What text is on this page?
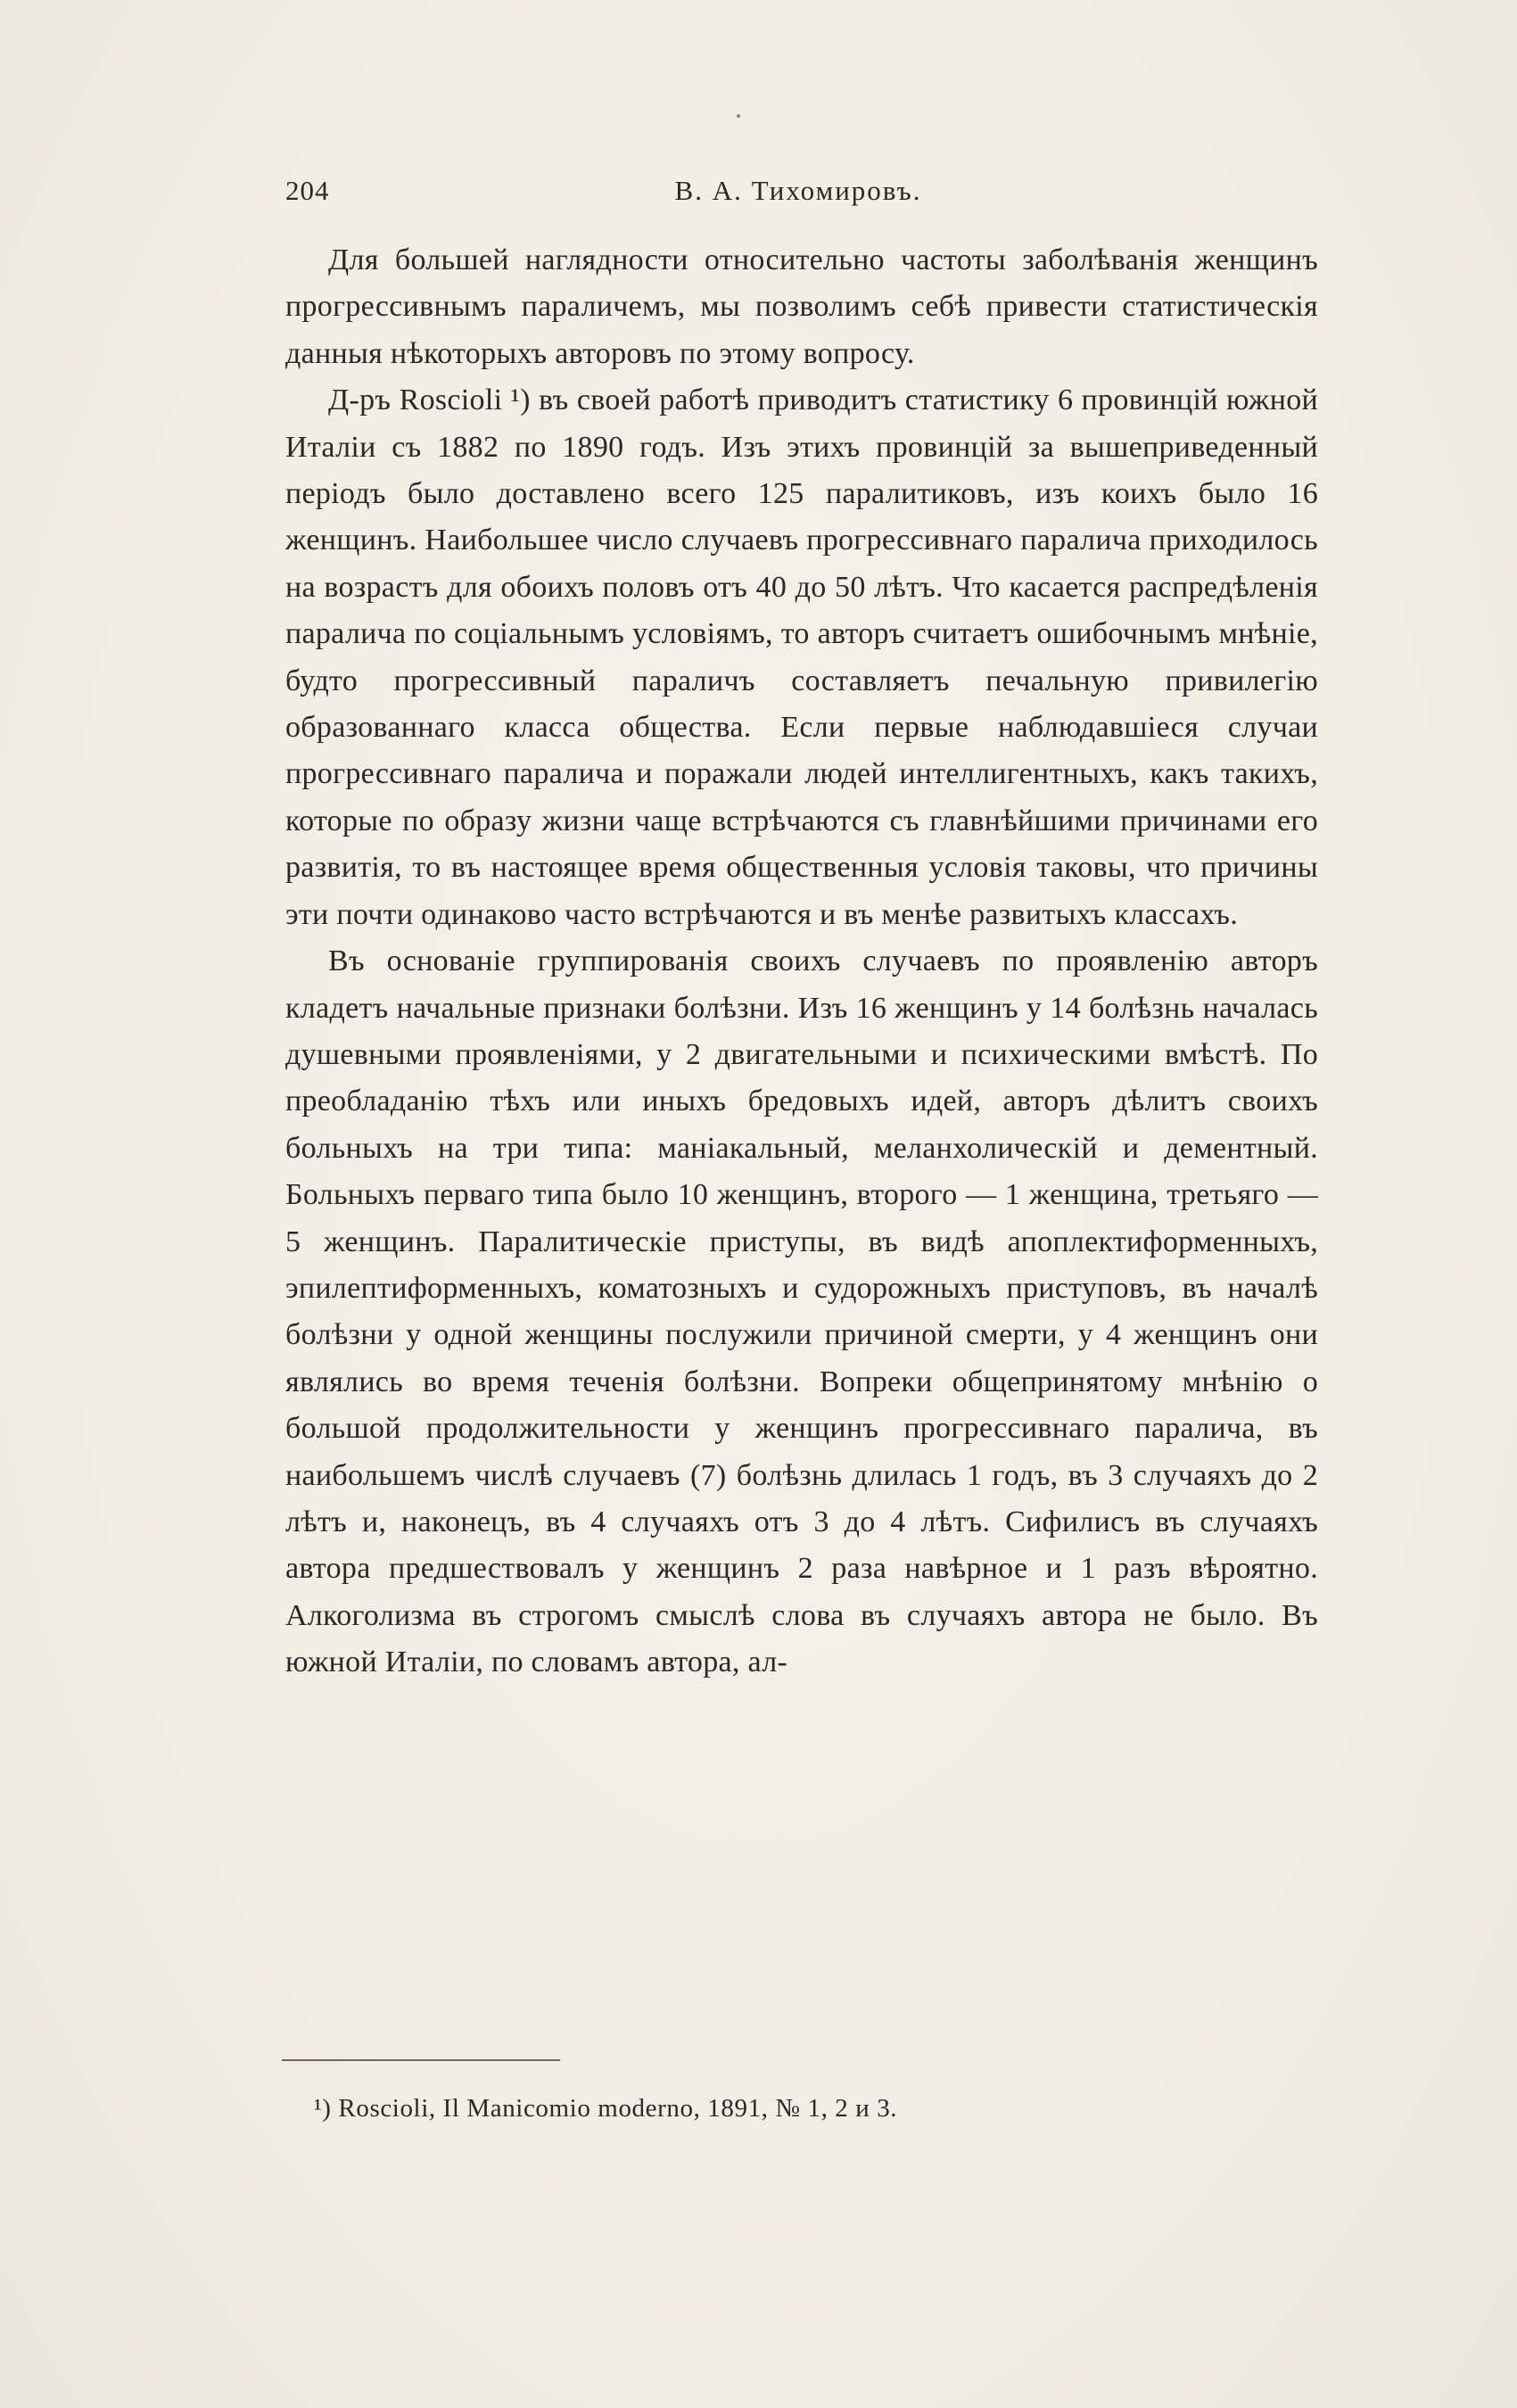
204	В. А. Тихомировъ.

Для большей наглядности относительно частоты заболѣванія женщинъ прогрессивнымъ параличемъ, мы позволимъ себѣ привести статистическія данныя нѣкоторыхъ авторовъ по этому вопросу.

Д-ръ Roscioli ¹) въ своей работѣ приводитъ статистику 6 провинцій южной Италіи съ 1882 по 1890 годъ. Изъ этихъ провинцій за вышеприведенный періодъ было доставлено всего 125 паралитиковъ, изъ коихъ было 16 женщинъ. Наибольшее число случаевъ прогрессивнаго паралича приходилось на возрастъ для обоихъ половъ отъ 40 до 50 лѣтъ. Что касается распредѣленія паралича по соціальнымъ условіямъ, то авторъ считаетъ ошибочнымъ мнѣніе, будто прогрессивный параличъ составляетъ печальную привилегію образованнаго класса общества. Если первые наблюдавшіеся случаи прогрессивнаго паралича и поражали людей интеллигентныхъ, какъ такихъ, которые по образу жизни чаще встрѣчаются съ главнѣйшими причинами его развитія, то въ настоящее время общественныя условія таковы, что причины эти почти одинаково часто встрѣчаются и въ менѣе развитыхъ классахъ.

Въ основаніе группированія своихъ случаевъ по проявленію авторъ кладетъ начальные признаки болѣзни. Изъ 16 женщинъ у 14 болѣзнь началась душевными проявленіями, у 2 двигательными и психическими вмѣстѣ. По преобладанію тѣхъ или иныхъ бредовыхъ идей, авторъ дѣлитъ своихъ больныхъ на три типа: маніакальный, меланхолическій и дементный. Больныхъ перваго типа было 10 женщинъ, второго — 1 женщина, третьяго — 5 женщинъ. Паралитическіе приступы, въ видѣ апоплектиформенныхъ, эпилептиформенныхъ, коматозныхъ и судорожныхъ приступовъ, въ началѣ болѣзни у одной женщины послужили причиной смерти, у 4 женщинъ они являлись во время теченія болѣзни. Вопреки общепринятому мнѣнію о большой продолжительности у женщинъ прогрессивнаго паралича, въ наибольшемъ числѣ случаевъ (7) болѣзнь длилась 1 годъ, въ 3 случаяхъ до 2 лѣтъ и, наконецъ, въ 4 случаяхъ отъ 3 до 4 лѣтъ. Сифилисъ въ случаяхъ автора предшествовалъ у женщинъ 2 раза навѣрное и 1 разъ вѣроятно. Алкоголизма въ строгомъ смыслѣ слова въ случаяхъ автора не было. Въ южной Италіи, по словамъ автора, ал-

¹) Roscioli, Il Manicomio moderno, 1891, № 1, 2 и 3.
